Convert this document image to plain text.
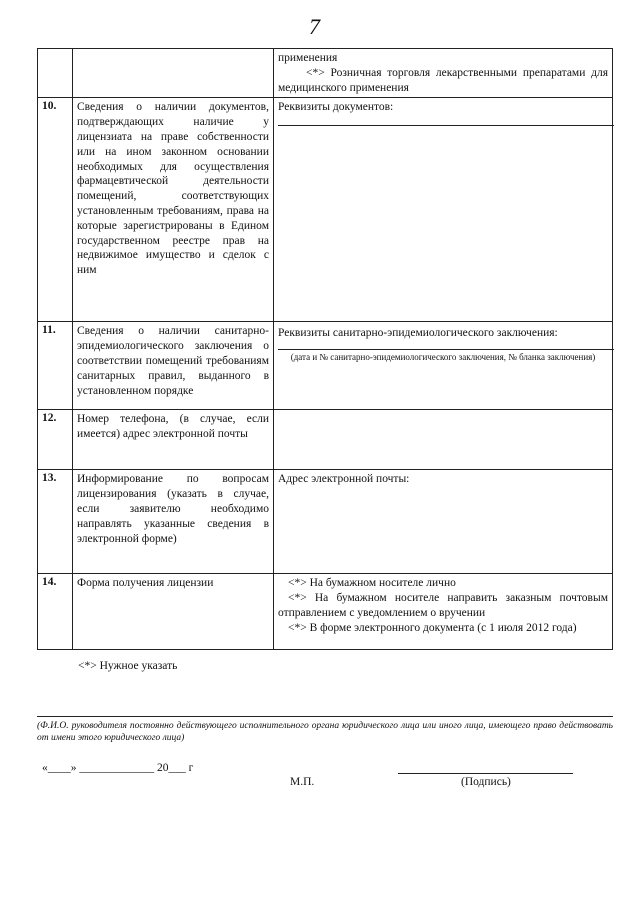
7

		применения
<*> Розничная торговля лекарственными препаратами для медицинского применения

10.	Сведения о наличии документов, подтверждающих наличие у лицензиата на праве собственности или на ином законном основании необходимых для осуществления фармацевтической деятельности помещений, соответствующих установленным требованиям, права на которые зарегистрированы в Едином государственном реестре прав на недвижимое имущество и сделок с ним	Реквизиты документов:

11.	Сведения о наличии санитарно-эпидемиологического заключения о соответствии помещений требованиям санитарных правил, выданного в установленном порядке	Реквизиты санитарно-эпидемиологического заключения:
(дата и № санитарно-эпидемиологического заключения, № бланка заключения)

12.	Номер телефона, (в случае, если имеется) адрес электронной почты	
13.	Информирование по вопросам лицензирования (указать в случае, если заявителю необходимо направлять указанные сведения в электронной форме)	Адрес электронной почты:

14.	Форма получения лицензии	<*> На бумажном носителе лично
<*> На бумажном носителе направить заказным почтовым отправлением с уведомлением о вручении
<*> В форме электронного документа (с 1 июля 2012 года)
<*> Нужное указать
(Ф.И.О. руководителя постоянно действующего исполнительного органа юридического лица или иного лица, имеющего право действовать от имени этого юридического лица)
«____» _____________ 20___ г
М.П.	(Подпись)
